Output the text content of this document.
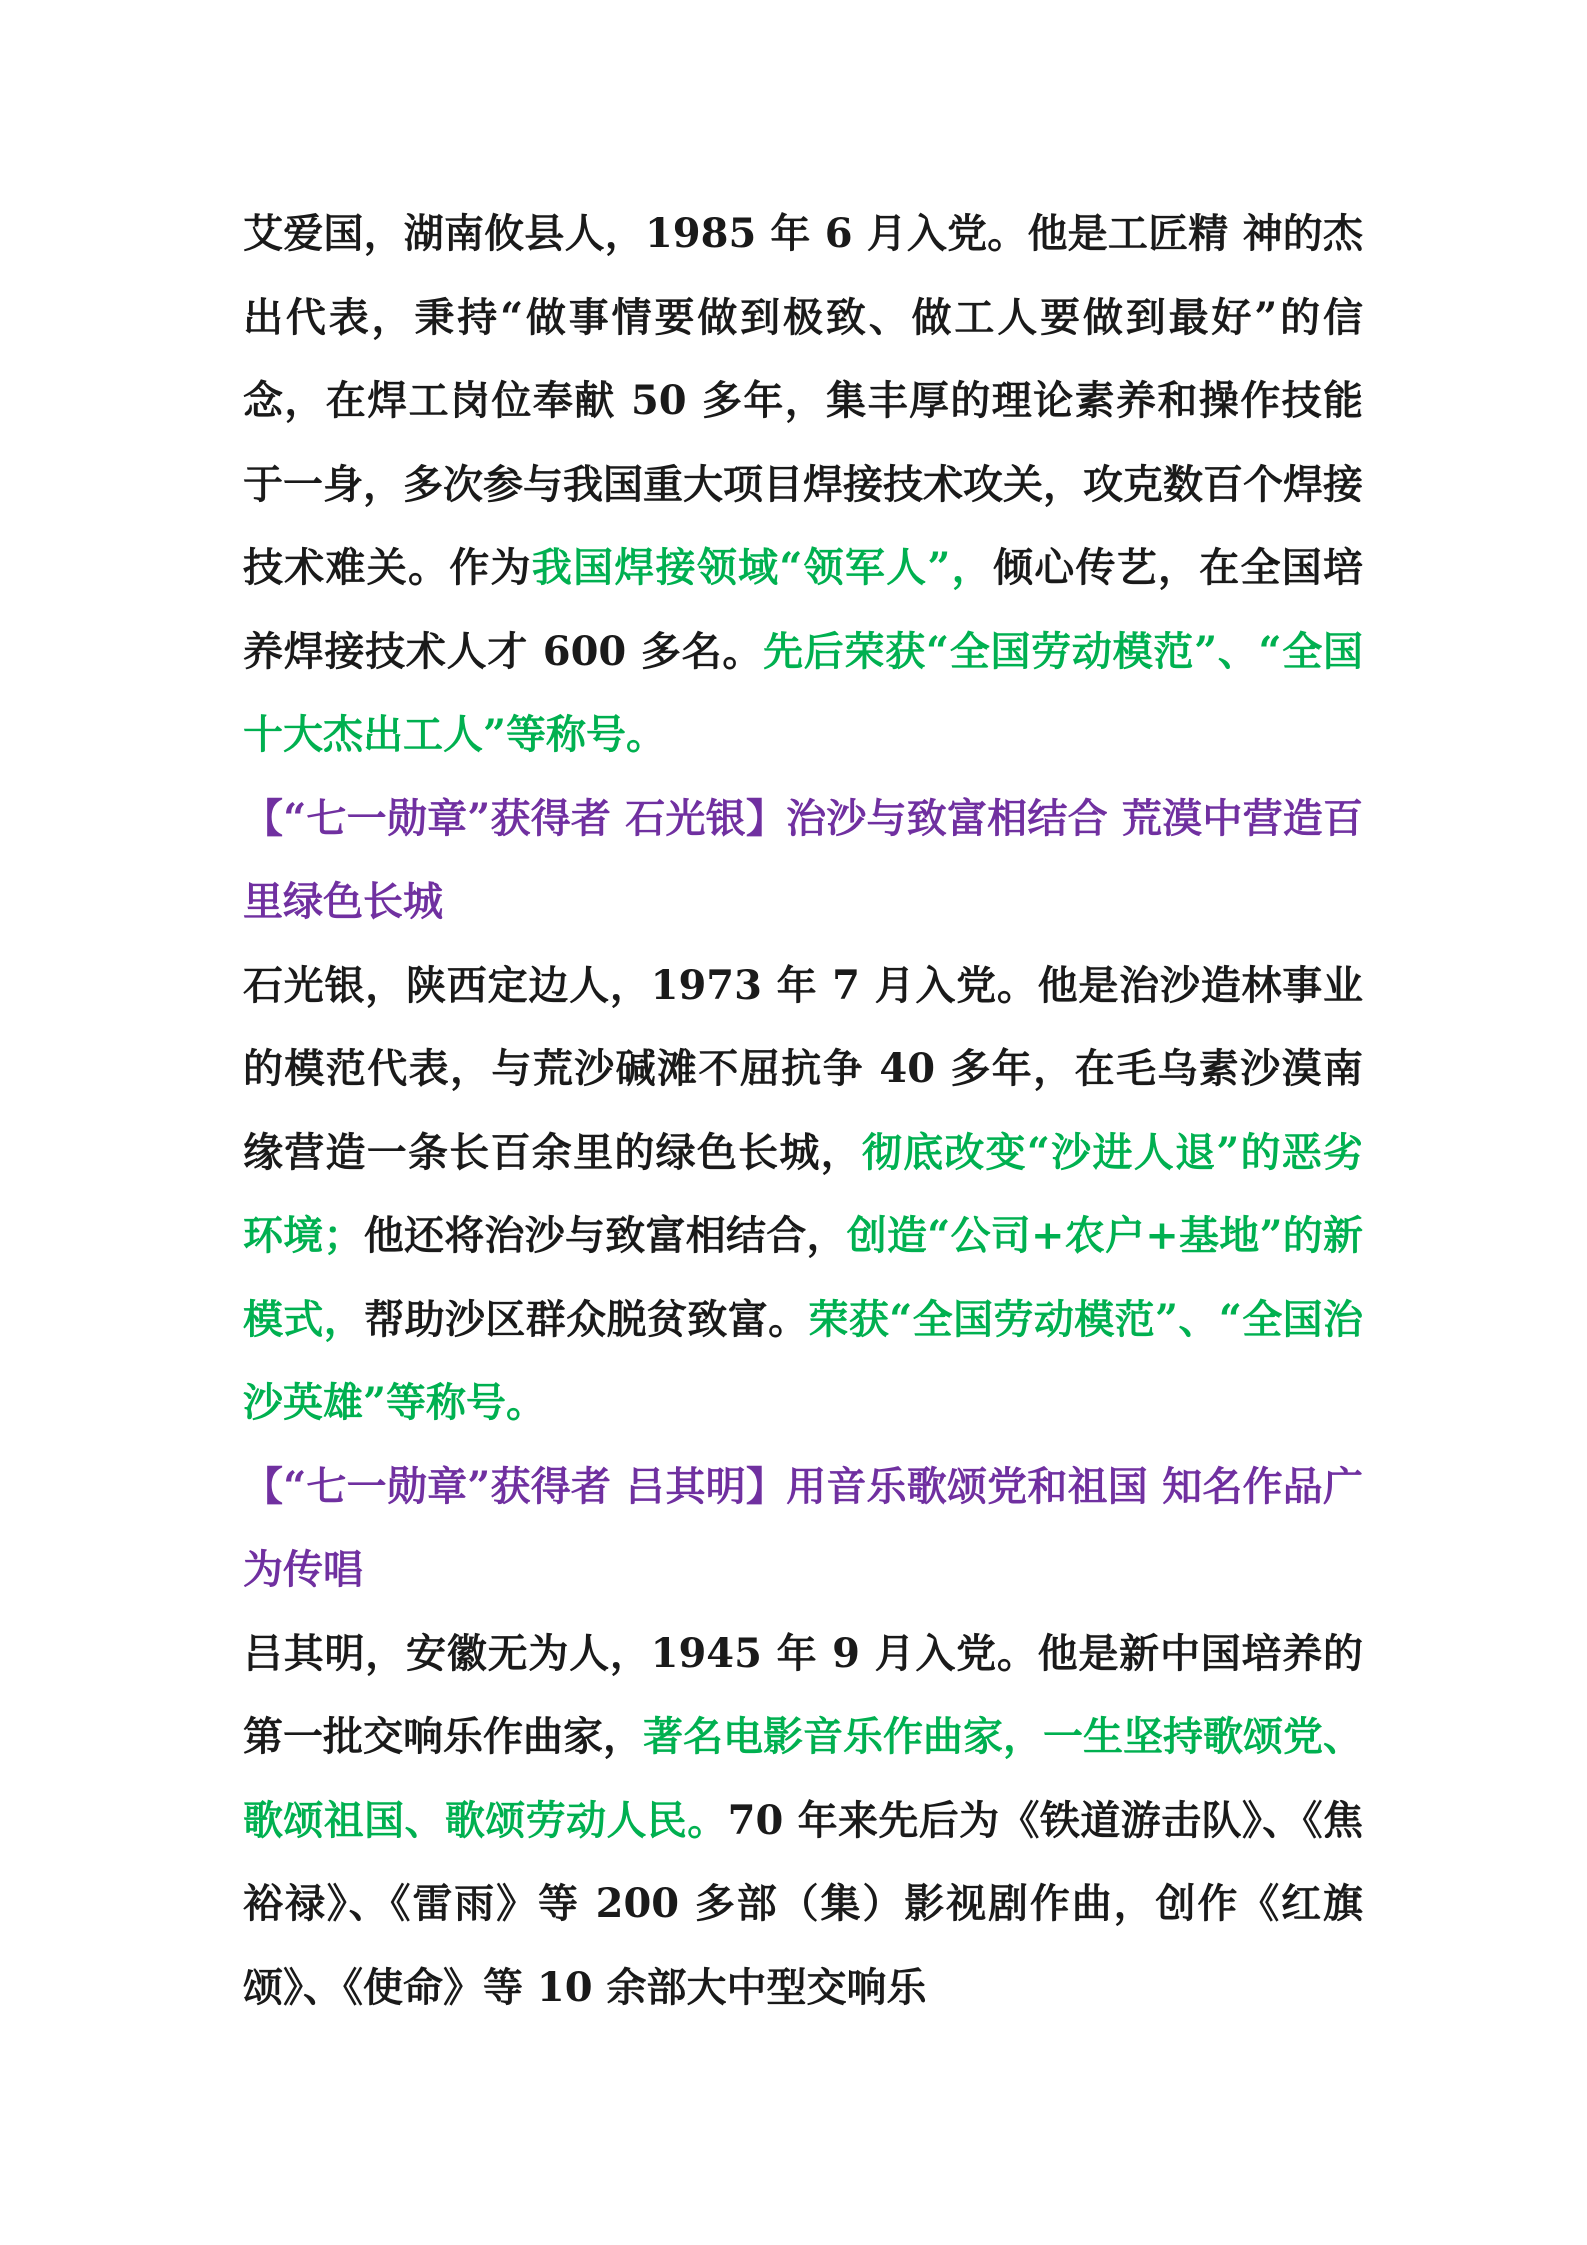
艾爱国，湖南攸县人，1985 年 6 月入党。他是工匠精 神的杰出代表，秉持“做事情要做到极致、做工人要做到最好”的信念，在焊工岗位奉献 50 多年，集丰厚的理论素养和操作技能于一身，多次参与我国重大项目焊接技术攻关，攻克数百个焊接技术难关。作为我国焊接领域“领军人”，倾心传艺，在全国培养焊接技术人才 600 多名。先后荣获“全国劳动模范”、“全国十大杰出工人”等称号。

【“七一勋章”获得者 石光银】治沙与致富相结合 荒漠中营造百里绿色长城

石光银，陕西定边人，1973 年 7 月入党。他是治沙造林事业的模范代表，与荒沙碱滩不屈抗争 40 多年，在毛乌素沙漠南缘营造一条长百余里的绿色长城，彻底改变“沙进人退”的恶劣环境；他还将治沙与致富相结合，创造“公司+农户+基地”的新模式，帮助沙区群众脱贫致富。荣获“全国劳动模范”、“全国治沙英雄”等称号。

【“七一勋章”获得者 吕其明】用音乐歌颂党和祖国 知名作品广为传唱

吕其明，安徽无为人，1945 年 9 月入党。他是新中国培养的第一批交响乐作曲家，著名电影音乐作曲家，一生坚持歌颂党、歌颂祖国、歌颂劳动人民。70 年来先后为《铁道游击队》、《焦裕禄》、《雷雨》等 200 多部（集）影视剧作曲，创作《红旗颂》、《使命》等 10 余部大中型交响乐
